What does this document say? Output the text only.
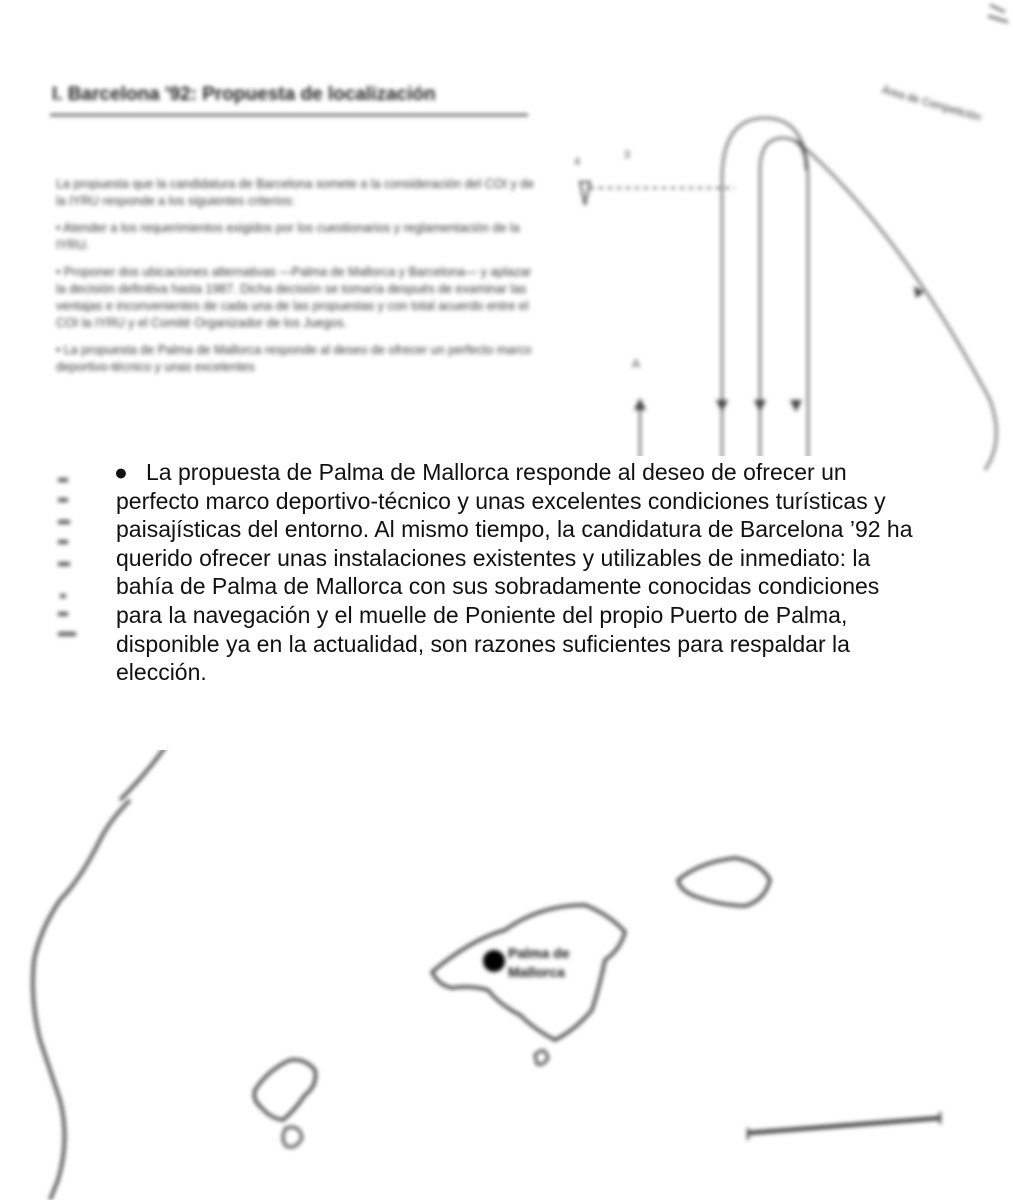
I. Barcelona '92: Propuesta de localización

La propuesta que la candidatura de Barcelona somete a la consideración del COI y de la IYRU responde a los siguientes criterios:

• Atender a los requerimientos exigidos por los cuestionarios y reglamentación de la IYRU.

• Proponer dos ubicaciones alternativas —Palma de Mallorca y Barcelona— y aplazar la decisión definitiva hasta 1987. Dicha decisión se tomaría después de examinar las ventajas e inconvenientes de cada una de las propuestas y con total acuerdo entre el COI la IYRU y el Comité Organizador de los Juegos.

• La propuesta de Palma de Mallorca responde al deseo de ofrecer un perfecto marco deportivo-técnico y unas excelentes	A
4
3
Área de Competición
Palma de
Mallorca

● La propuesta de Palma de Mallorca responde al deseo de ofrecer un perfecto marco deportivo-técnico y unas excelentes condiciones turísticas y paisajísticas del entorno. Al mismo tiempo, la candidatura de Barcelona ’92 ha querido ofrecer unas instalaciones existentes y utilizables de inmediato: la bahía de Palma de Mallorca con sus sobradamente conocidas condiciones para la navegación y el muelle de Poniente del propio Puerto de Palma, disponible ya en la actualidad, son razones suficientes para respaldar la elección.
